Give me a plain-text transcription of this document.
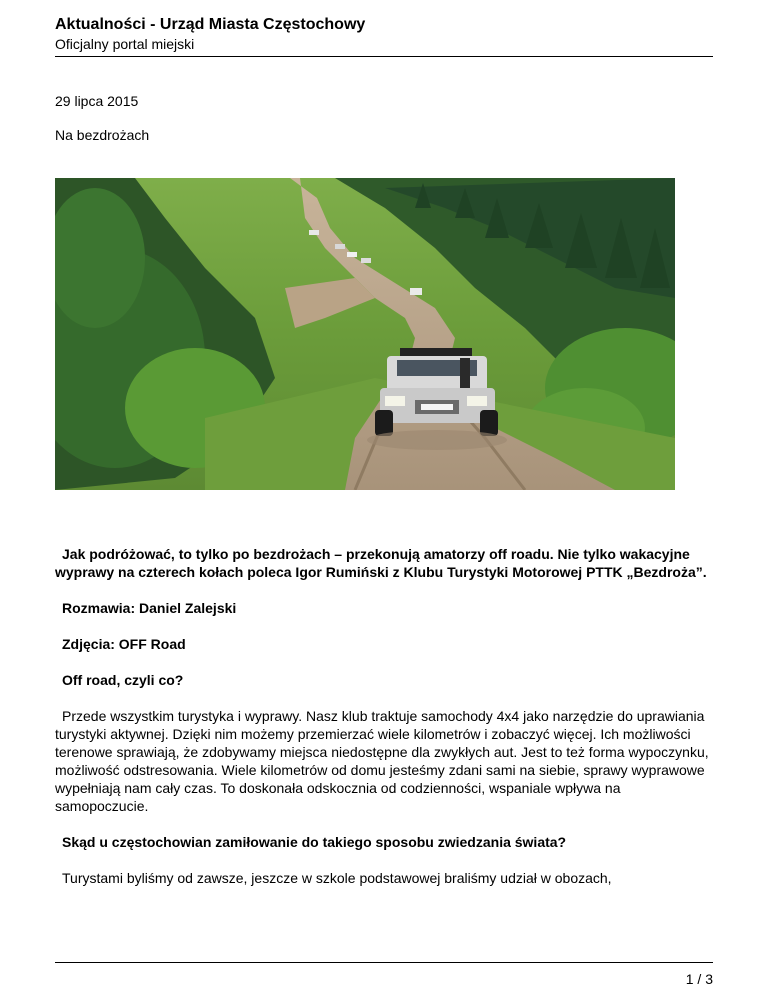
Aktualności - Urząd Miasta Częstochowy
Oficjalny portal miejski
29 lipca 2015
Na bezdrożach

Jak podróżować, to tylko po bezdrożach – przekonują amatorzy off roadu. Nie tylko wakacyjne wyprawy na czterech kołach poleca Igor Rumiński z Klubu Turystyki Motorowej PTTK „Bezdroża”.

Rozmawia: Daniel Zalejski

Zdjęcia: OFF Road

Off road, czyli co?

Przede wszystkim turystyka i wyprawy. Nasz klub traktuje samochody 4x4 jako narzędzie do uprawiania turystyki aktywnej. Dzięki nim możemy przemierzać wiele kilometrów i zobaczyć więcej. Ich możliwości terenowe sprawiają, że zdobywamy miejsca niedostępne dla zwykłych aut. Jest to też forma wypoczynku, możliwość odstresowania. Wiele kilometrów od domu jesteśmy zdani sami na siebie, sprawy wyprawowe wypełniają nam cały czas. To doskonała odskocznia od codzienności, wspaniale wpływa na samopoczucie.

Skąd u częstochowian zamiłowanie do takiego sposobu zwiedzania świata?

Turystami byliśmy od zawsze, jeszcze w szkole podstawowej braliśmy udział w obozach,

1 / 3
